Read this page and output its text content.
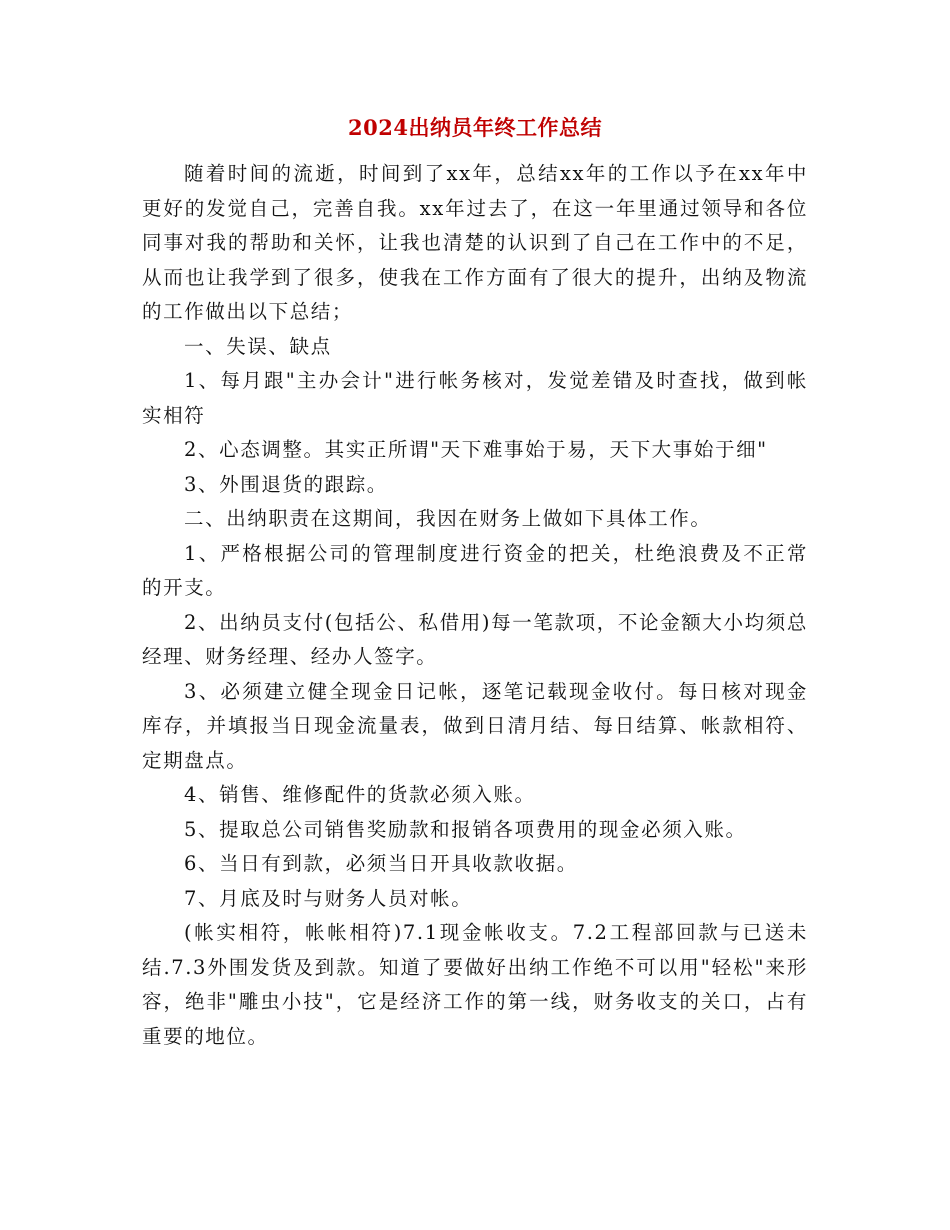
2024出纳员年终工作总结

随着时间的流逝，时间到了xx年，总结xx年的工作以予在xx年中更好的发觉自己，完善自我。xx年过去了，在这一年里通过领导和各位同事对我的帮助和关怀，让我也清楚的认识到了自己在工作中的不足，从而也让我学到了很多，使我在工作方面有了很大的提升，出纳及物流的工作做出以下总结；

一、失误、缺点

1、每月跟"主办会计"进行帐务核对，发觉差错及时查找，做到帐实相符

2、心态调整。其实正所谓"天下难事始于易，天下大事始于细"

3、外围退货的跟踪。

二、出纳职责在这期间，我因在财务上做如下具体工作。

1、严格根据公司的管理制度进行资金的把关，杜绝浪费及不正常的开支。

2、出纳员支付(包括公、私借用)每一笔款项，不论金额大小均须总经理、财务经理、经办人签字。

3、必须建立健全现金日记帐，逐笔记载现金收付。每日核对现金库存，并填报当日现金流量表，做到日清月结、每日结算、帐款相符、定期盘点。

4、销售、维修配件的货款必须入账。

5、提取总公司销售奖励款和报销各项费用的现金必须入账。

6、当日有到款，必须当日开具收款收据。

7、月底及时与财务人员对帐。

(帐实相符，帐帐相符)7.1现金帐收支。7.2工程部回款与已送未结.7.3外围发货及到款。知道了要做好出纳工作绝不可以用"轻松"来形容，绝非"雕虫小技"，它是经济工作的第一线，财务收支的关口，占有重要的地位。
